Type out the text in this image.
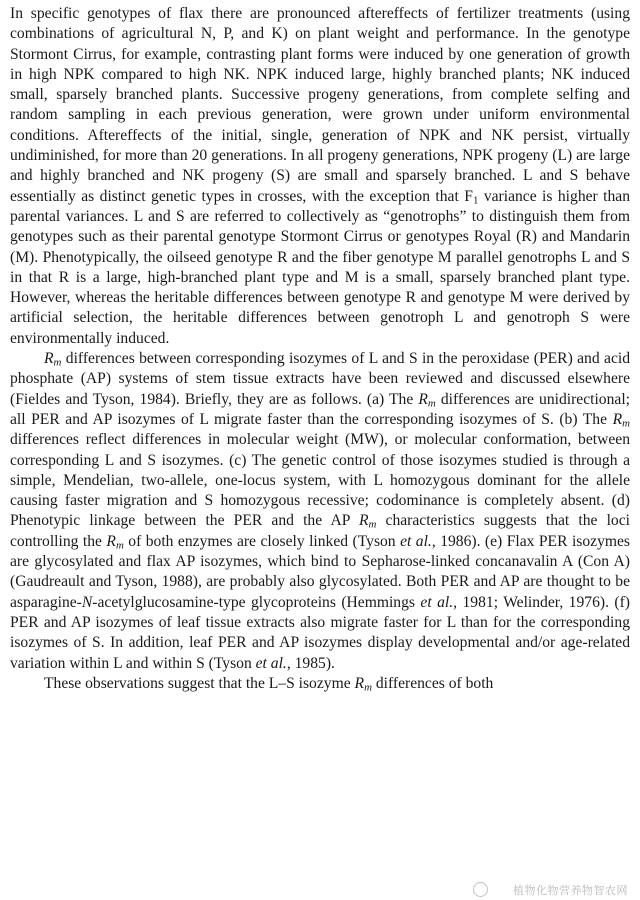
In specific genotypes of flax there are pronounced aftereffects of fertilizer treatments (using combinations of agricultural N, P, and K) on plant weight and performance. In the genotype Stormont Cirrus, for example, contrasting plant forms were induced by one generation of growth in high NPK compared to high NK. NPK induced large, highly branched plants; NK induced small, sparsely branched plants. Successive progeny generations, from complete selfing and random sampling in each previous generation, were grown under uniform environmental conditions. Aftereffects of the initial, single, generation of NPK and NK persist, virtually undiminished, for more than 20 generations. In all progeny generations, NPK progeny (L) are large and highly branched and NK progeny (S) are small and sparsely branched. L and S behave essentially as distinct genetic types in crosses, with the exception that $F_1$ variance is higher than parental variances. L and S are referred to collectively as “genotrophs” to distinguish them from genotypes such as their parental genotype Stormont Cirrus or genotypes Royal (R) and Mandarin (M). Phenotypically, the oilseed genotype R and the fiber genotype M parallel genotrophs L and S in that R is a large, high-branched plant type and M is a small, sparsely branched plant type. However, whereas the heritable differences between genotype R and genotype M were derived by artificial selection, the heritable differences between genotroph L and genotroph S were environmentally induced.

$R_m$ differences between corresponding isozymes of L and S in the peroxidase (PER) and acid phosphate (AP) systems of stem tissue extracts have been reviewed and discussed elsewhere (Fieldes and Tyson, 1984). Briefly, they are as follows. (a) The $R_m$ differences are unidirectional; all PER and AP isozymes of L migrate faster than the corresponding isozymes of S. (b) The $R_m$ differences reflect differences in molecular weight (MW), or molecular conformation, between corresponding L and S isozymes. (c) The genetic control of those isozymes studied is through a simple, Mendelian, two-allele, one-locus system, with L homozygous dominant for the allele causing faster migration and S homozygous recessive; codominance is completely absent. (d) Phenotypic linkage between the PER and the AP $R_m$ characteristics suggests that the loci controlling the $R_m$ of both enzymes are closely linked (Tyson et al., 1986). (e) Flax PER isozymes are glycosylated and flax AP isozymes, which bind to Sepharose-linked concanavalin A (Con A) (Gaudreault and Tyson, 1988), are probably also glycosylated. Both PER and AP are thought to be asparagine-N-acetylglucosamine-type glycoproteins (Hemmings et al., 1981; Welinder, 1976). (f) PER and AP isozymes of leaf tissue extracts also migrate faster for L than for the corresponding isozymes of S. In addition, leaf PER and AP isozymes display developmental and/or age-related variation within L and within S (Tyson et al., 1985).

These observations suggest that the L–S isozyme $R_m$ differences of both

植物化物营养物智农网
